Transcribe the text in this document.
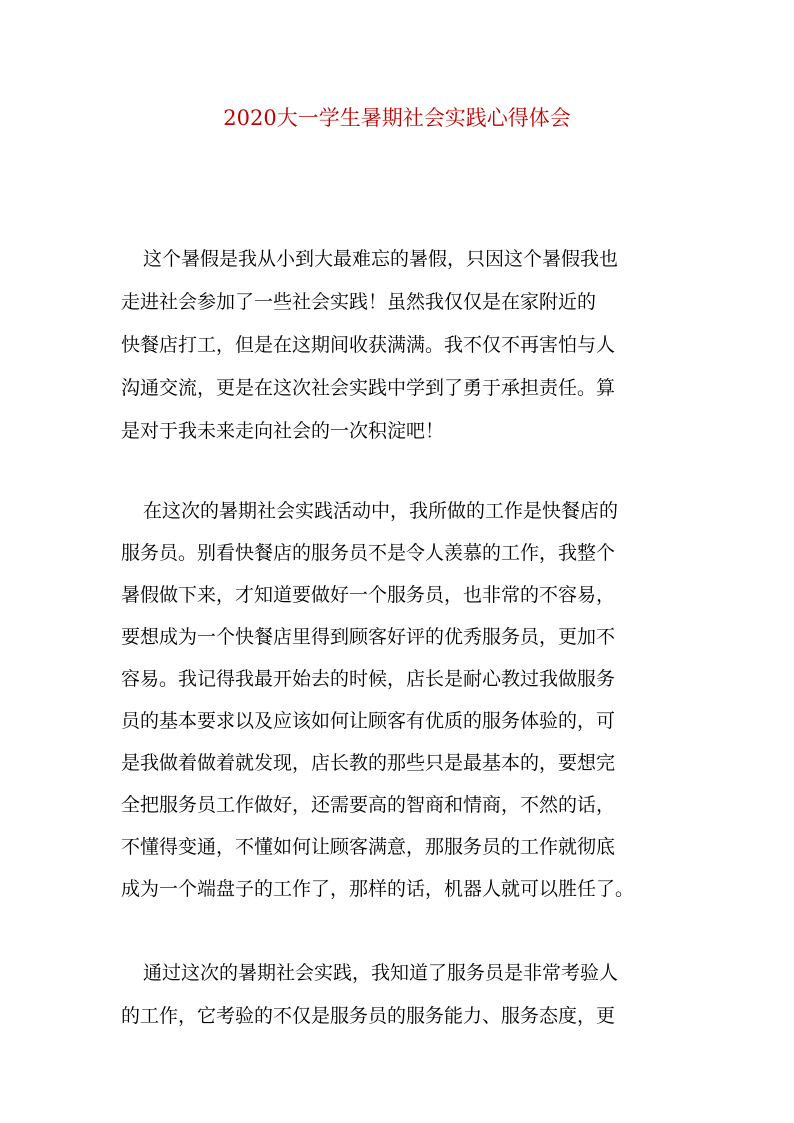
2020大一学生暑期社会实践心得体会
这个暑假是我从小到大最难忘的暑假，只因这个暑假我也
走进社会参加了一些社会实践！虽然我仅仅是在家附近的
快餐店打工，但是在这期间收获满满。我不仅不再害怕与人
沟通交流，更是在这次社会实践中学到了勇于承担责任。算
是对于我未来走向社会的一次积淀吧！
在这次的暑期社会实践活动中，我所做的工作是快餐店的
服务员。别看快餐店的服务员不是令人羡慕的工作，我整个
暑假做下来，才知道要做好一个服务员，也非常的不容易，
要想成为一个快餐店里得到顾客好评的优秀服务员，更加不
容易。我记得我最开始去的时候，店长是耐心教过我做服务
员的基本要求以及应该如何让顾客有优质的服务体验的，可
是我做着做着就发现，店长教的那些只是最基本的，要想完
全把服务员工作做好，还需要高的智商和情商，不然的话，
不懂得变通，不懂如何让顾客满意，那服务员的工作就彻底
成为一个端盘子的工作了，那样的话，机器人就可以胜任了。
通过这次的暑期社会实践，我知道了服务员是非常考验人
的工作，它考验的不仅是服务员的服务能力、服务态度，更
